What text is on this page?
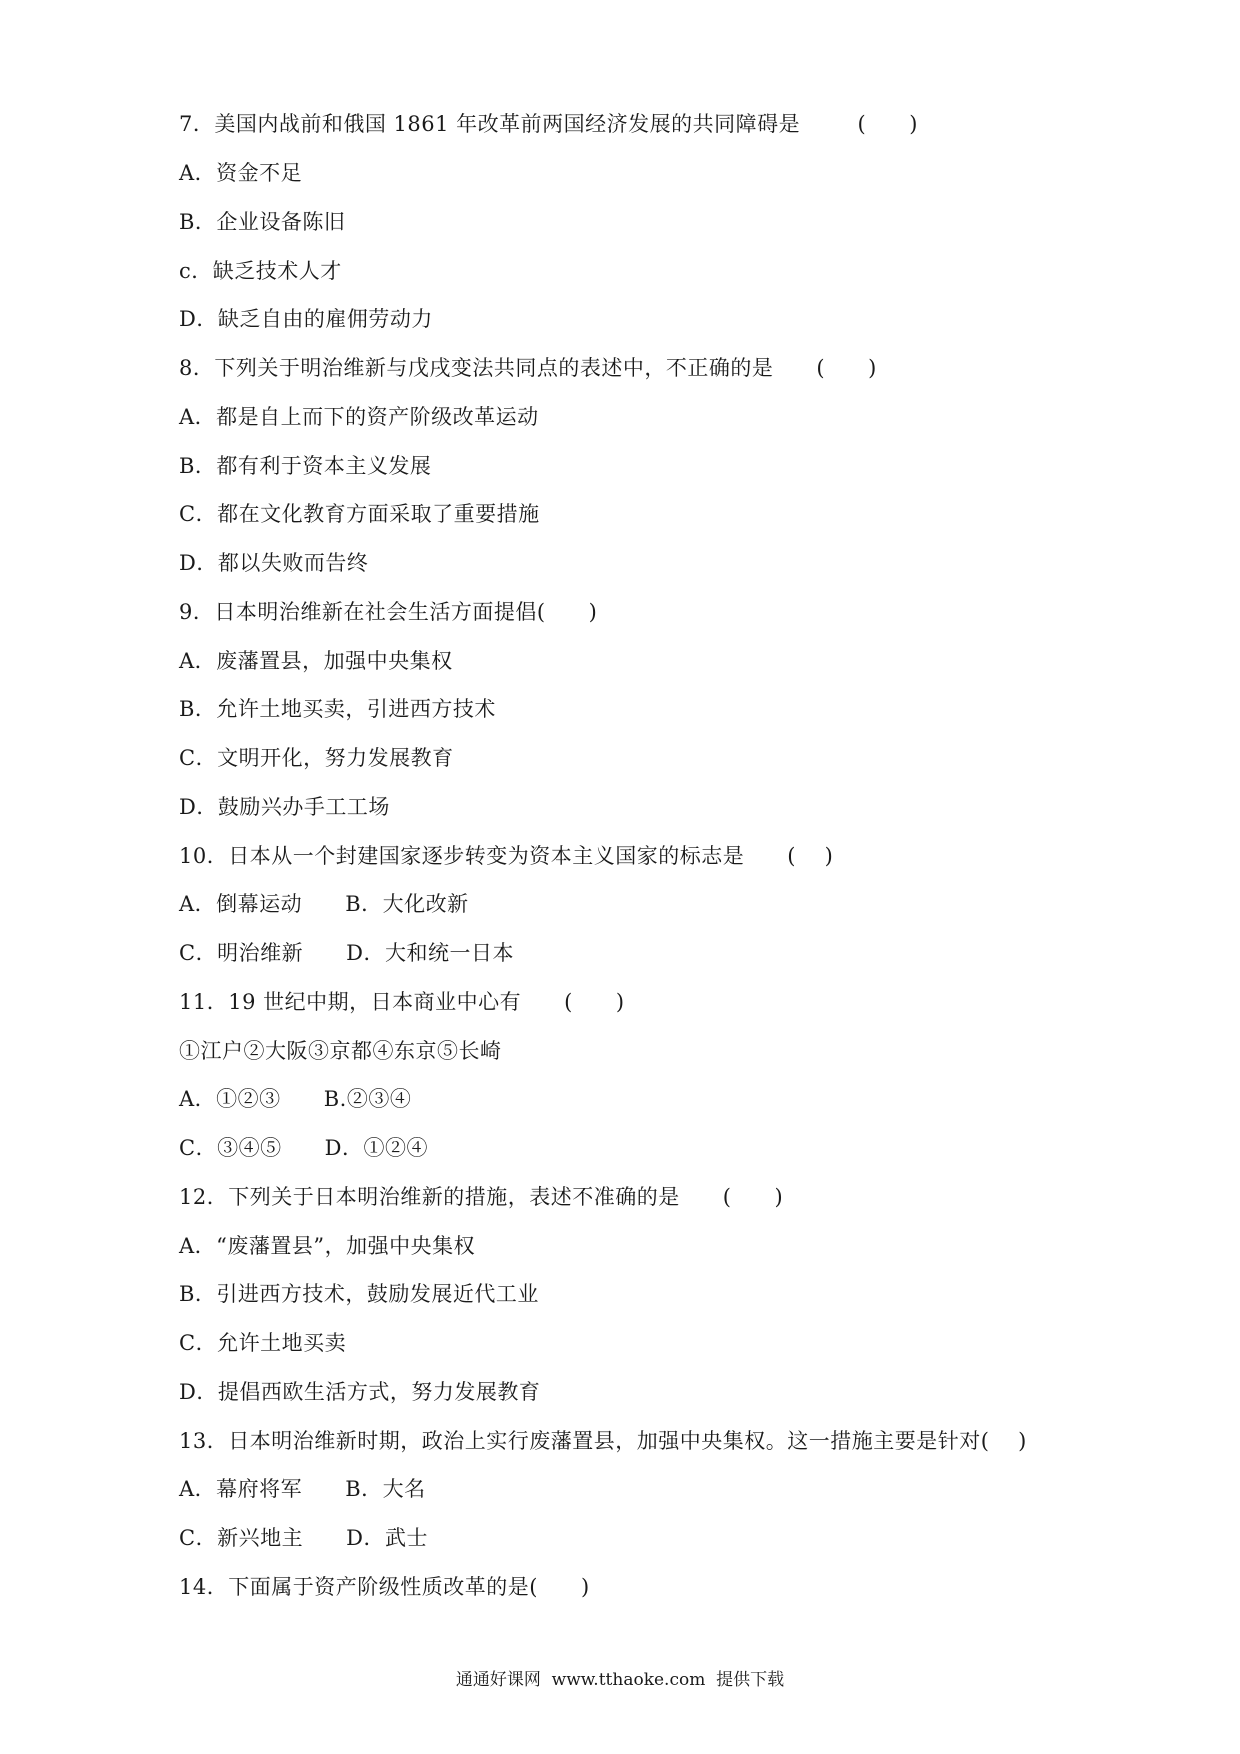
7．美国内战前和俄国 1861 年改革前两国经济发展的共同障碍是        (      )
A．资金不足
B．企业设备陈旧
c．缺乏技术人才
D．缺乏自由的雇佣劳动力
8．下列关于明治维新与戊戌变法共同点的表述中，不正确的是      (      )
A．都是自上而下的资产阶级改革运动
B．都有利于资本主义发展
C．都在文化教育方面采取了重要措施
D．都以失败而告终
9．日本明治维新在社会生活方面提倡(      )
A．废藩置县，加强中央集权
B．允许土地买卖，引进西方技术
C．文明开化，努力发展教育
D．鼓励兴办手工工场
10．日本从一个封建国家逐步转变为资本主义国家的标志是      (    )
A．倒幕运动      B．大化改新
C．明治维新      D．大和统一日本
11．19 世纪中期，日本商业中心有      (      )
①江户②大阪③京都④东京⑤长崎
A．①②③      B.②③④
C．③④⑤      D．①②④
12．下列关于日本明治维新的措施，表述不准确的是      (      )
A．“废藩置县”，加强中央集权
B．引进西方技术，鼓励发展近代工业
C．允许土地买卖
D．提倡西欧生活方式，努力发展教育
13．日本明治维新时期，政治上实行废藩置县，加强中央集权。这一措施主要是针对(    )
A．幕府将军      B．大名
C．新兴地主      D．武士
14．下面属于资产阶级性质改革的是(      )
通通好课网  www.tthaoke.com  提供下载
